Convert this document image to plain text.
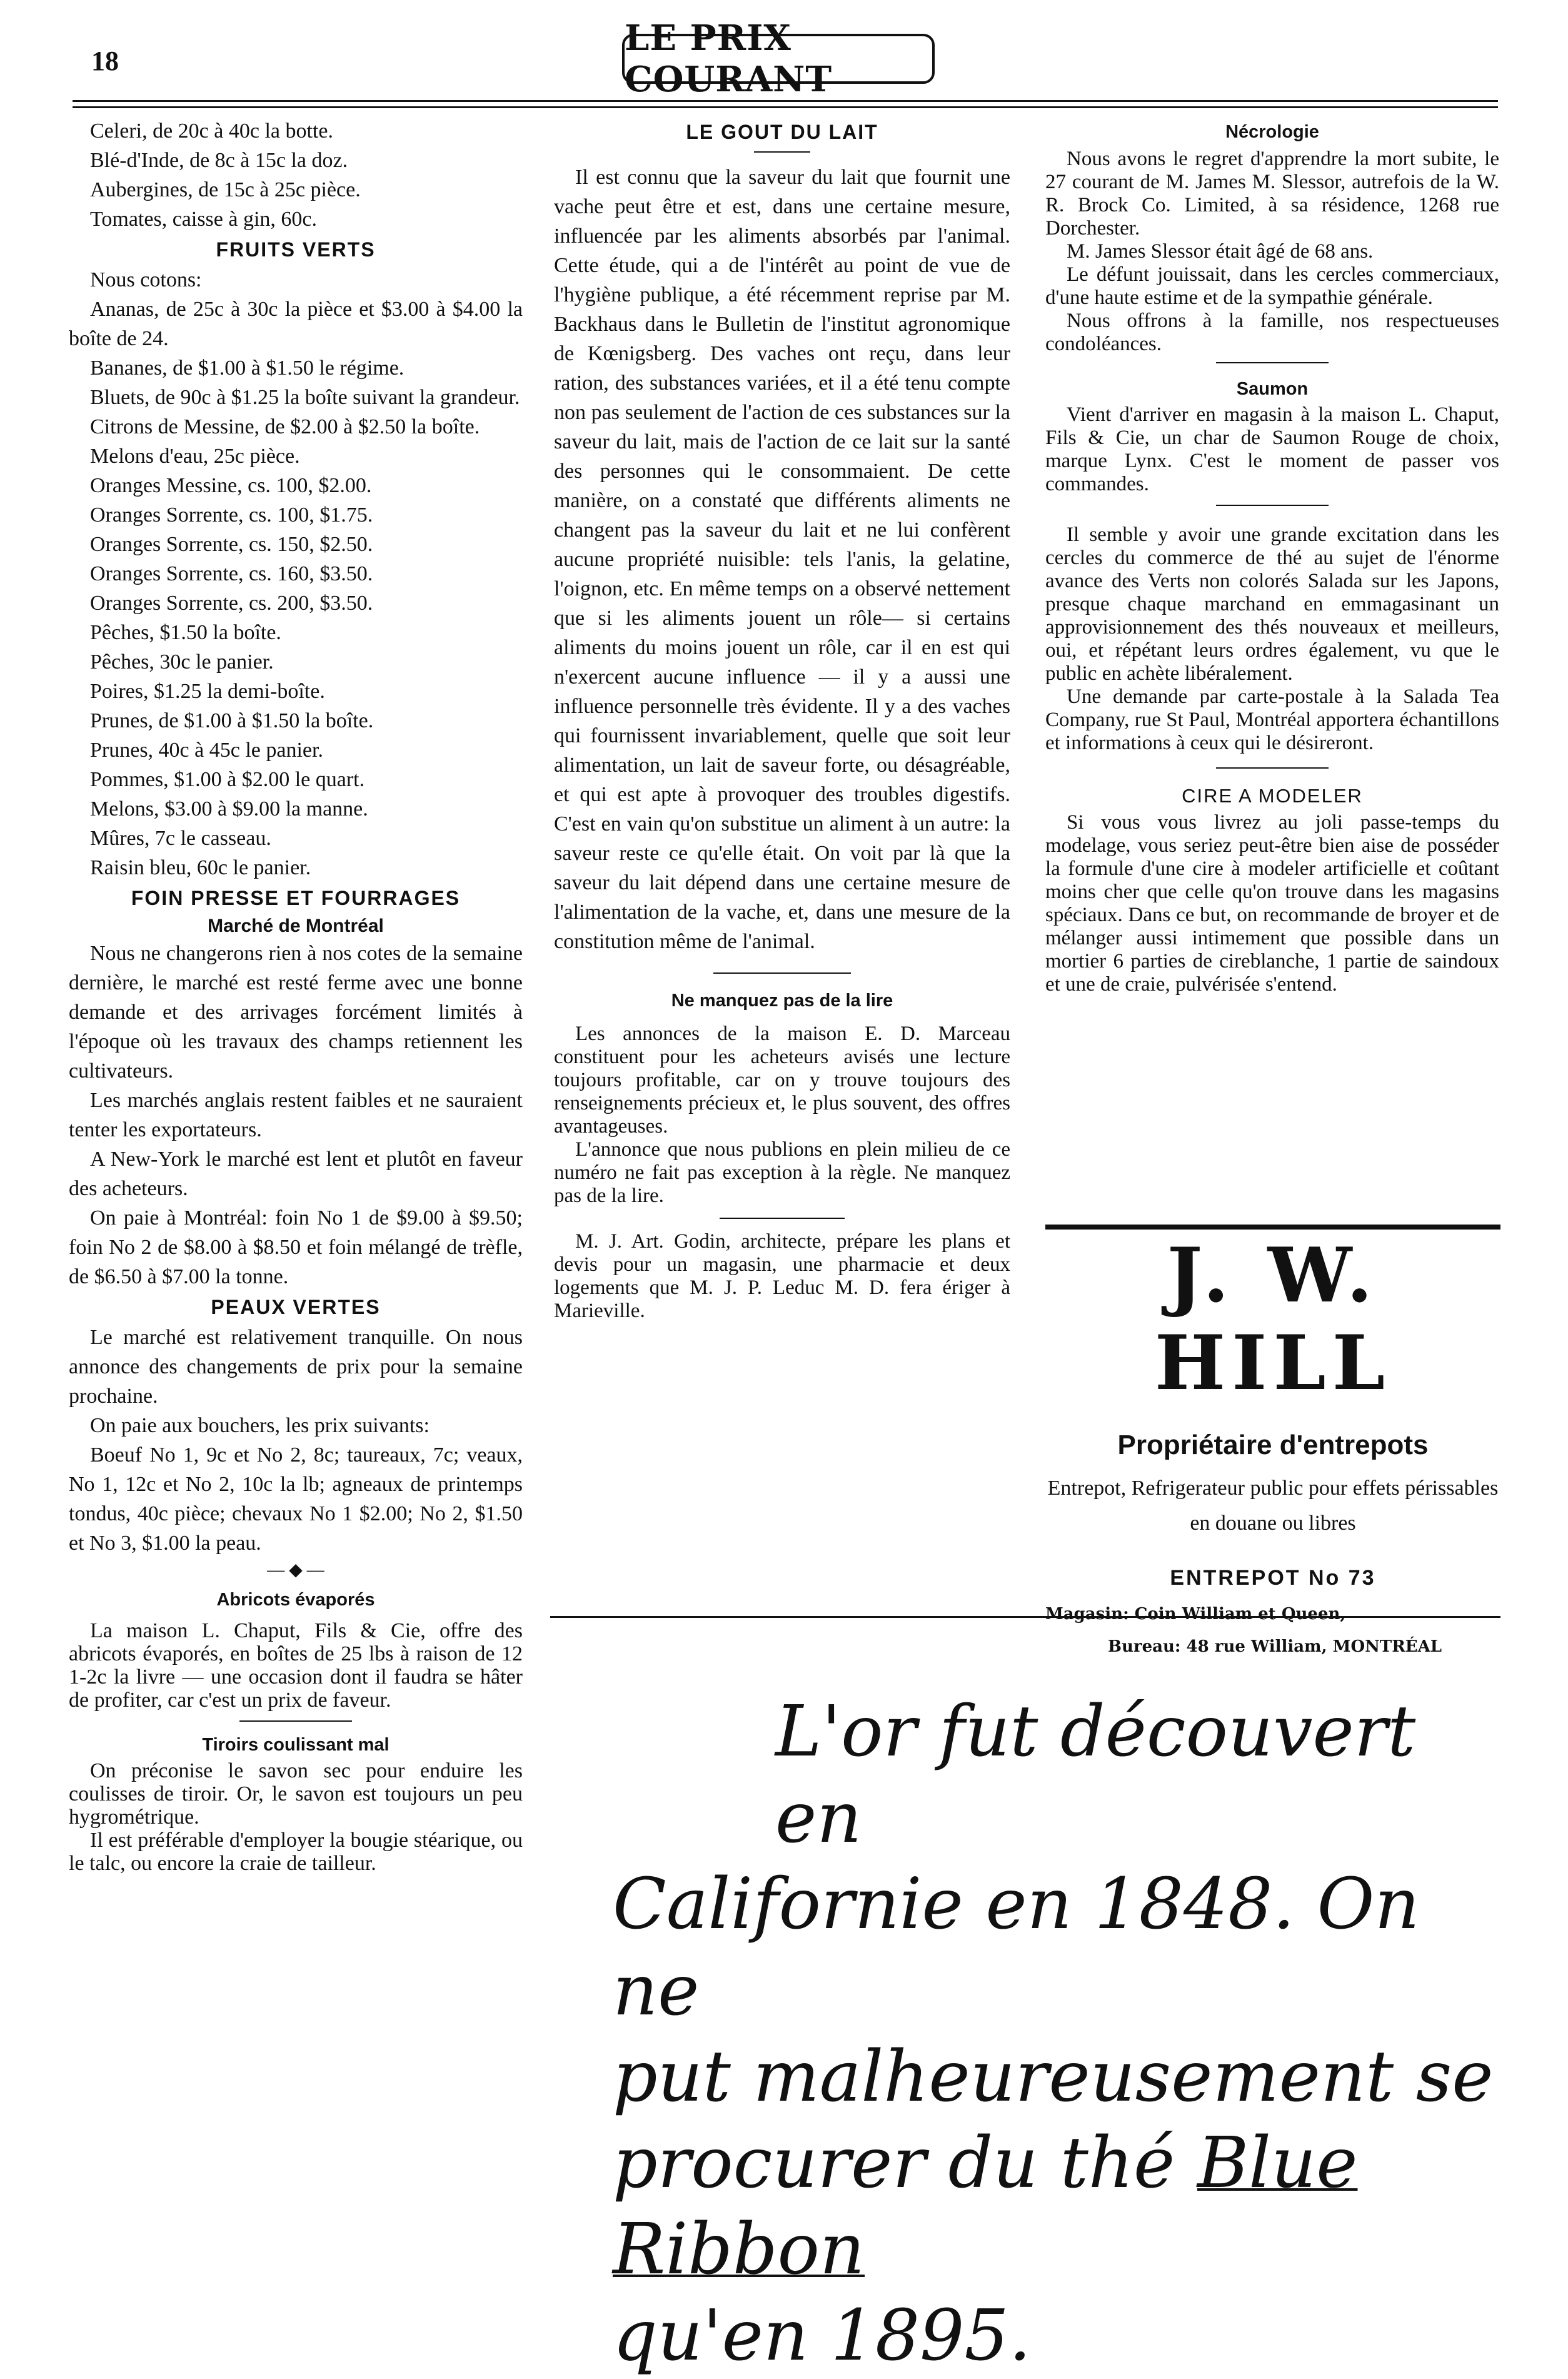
18
LE PRIX COURANT

Celeri, de 20c à 40c la botte.

Blé-d'Inde, de 8c à 15c la doz.

Aubergines, de 15c à 25c pièce.

Tomates, caisse à gin, 60c.

FRUITS VERTS

Nous cotons:

Ananas, de 25c à 30c la pièce et $3.00 à $4.00 la boîte de 24.

Bananes, de $1.00 à $1.50 le régime.

Bluets, de 90c à $1.25 la boîte suivant la grandeur.

Citrons de Messine, de $2.00 à $2.50 la boîte.

Melons d'eau, 25c pièce.

Oranges Messine, cs. 100, $2.00.

Oranges Sorrente, cs. 100, $1.75.

Oranges Sorrente, cs. 150, $2.50.

Oranges Sorrente, cs. 160, $3.50.

Oranges Sorrente, cs. 200, $3.50.

Pêches, $1.50 la boîte.

Pêches, 30c le panier.

Poires, $1.25 la demi-boîte.

Prunes, de $1.00 à $1.50 la boîte.

Prunes, 40c à 45c le panier.

Pommes, $1.00 à $2.00 le quart.

Melons, $3.00 à $9.00 la manne.

Mûres, 7c le casseau.

Raisin bleu, 60c le panier.

FOIN PRESSE ET FOURRAGES
Marché de Montréal

Nous ne changerons rien à nos cotes de la semaine dernière, le marché est resté ferme avec une bonne demande et des arrivages forcément limités à l'époque où les travaux des champs retiennent les cultivateurs.

Les marchés anglais restent faibles et ne sauraient tenter les exportateurs.

A New-York le marché est lent et plutôt en faveur des acheteurs.

On paie à Montréal: foin No 1 de $9.00 à $9.50; foin No 2 de $8.00 à $8.50 et foin mélangé de trèfle, de $6.50 à $7.00 la tonne.

PEAUX VERTES

Le marché est relativement tranquille. On nous annonce des changements de prix pour la semaine prochaine.

On paie aux bouchers, les prix suivants:

Boeuf No 1, 9c et No 2, 8c; taureaux, 7c; veaux, No 1, 12c et No 2, 10c la lb; agneaux de printemps tondus, 40c pièce; chevaux No 1 $2.00; No 2, $1.50 et No 3, $1.00 la peau.

— ◆ —
Abricots évaporés

La maison L. Chaput, Fils & Cie, offre des abricots évaporés, en boîtes de 25 lbs à raison de 12 1-2c la livre — une occasion dont il faudra se hâter de profiter, car c'est un prix de faveur.

Tiroirs coulissant mal

On préconise le savon sec pour enduire les coulisses de tiroir. Or, le savon est toujours un peu hygrométrique.

Il est préférable d'employer la bougie stéarique, ou le talc, ou encore la craie de tailleur.

LE GOUT DU LAIT

Il est connu que la saveur du lait que fournit une vache peut être et est, dans une certaine mesure, influencée par les aliments absorbés par l'animal. Cette étude, qui a de l'intérêt au point de vue de l'hygiène publique, a été récemment reprise par M. Backhaus dans le Bulletin de l'institut agronomique de Kœnigsberg. Des vaches ont reçu, dans leur ration, des substances variées, et il a été tenu compte non pas seulement de l'action de ces substances sur la saveur du lait, mais de l'action de ce lait sur la santé des personnes qui le consommaient. De cette manière, on a constaté que différents aliments ne changent pas la saveur du lait et ne lui confèrent aucune propriété nuisible: tels l'anis, la gelatine, l'oignon, etc. En même temps on a observé nettement que si les aliments jouent un rôle— si certains aliments du moins jouent un rôle, car il en est qui n'exercent aucune influence — il y a aussi une influence personnelle très évidente. Il y a des vaches qui fournissent invariablement, quelle que soit leur alimentation, un lait de saveur forte, ou désagréable, et qui est apte à provoquer des troubles digestifs. C'est en vain qu'on substitue un aliment à un autre: la saveur reste ce qu'elle était. On voit par là que la saveur du lait dépend dans une certaine mesure de l'alimentation de la vache, et, dans une mesure de la constitution même de l'animal.

Ne manquez pas de la lire

Les annonces de la maison E. D. Marceau constituent pour les acheteurs avisés une lecture toujours profitable, car on y trouve toujours des renseignements précieux et, le plus souvent, des offres avantageuses.

L'annonce que nous publions en plein milieu de ce numéro ne fait pas exception à la règle. Ne manquez pas de la lire.

M. J. Art. Godin, architecte, prépare les plans et devis pour un magasin, une pharmacie et deux logements que M. J. P. Leduc M. D. fera ériger à Marieville.

Nécrologie

Nous avons le regret d'apprendre la mort subite, le 27 courant de M. James M. Slessor, autrefois de la W. R. Brock Co. Limited, à sa résidence, 1268 rue Dorchester.

M. James Slessor était âgé de 68 ans.

Le défunt jouissait, dans les cercles commerciaux, d'une haute estime et de la sympathie générale.

Nous offrons à la famille, nos respectueuses condoléances.

Saumon

Vient d'arriver en magasin à la maison L. Chaput, Fils & Cie, un char de Saumon Rouge de choix, marque Lynx. C'est le moment de passer vos commandes.

Il semble y avoir une grande excitation dans les cercles du commerce de thé au sujet de l'énorme avance des Verts non colorés Salada sur les Japons, presque chaque marchand en emmagasinant un approvisionnement des thés nouveaux et meilleurs, oui, et répétant leurs ordres également, vu que le public en achète libéralement.

Une demande par carte-postale à la Salada Tea Company, rue St Paul, Montréal apportera échantillons et informations à ceux qui le désireront.

CIRE A MODELER

Si vous vous livrez au joli passe-temps du modelage, vous seriez peut-être bien aise de posséder la formule d'une cire à modeler artificielle et coûtant moins cher que celle qu'on trouve dans les magasins spéciaux. Dans ce but, on recommande de broyer et de mélanger aussi intimement que possible dans un mortier 6 parties de cireblanche, 1 partie de saindoux et une de craie, pulvérisée s'entend.

J. W. HILL
Propriétaire d'entrepots
Entrepot, Refrigerateur public pour effets périssables en douane ou libres
ENTREPOT No 73
Magasin: Coin William et Queen,
Bureau: 48 rue William, MONTRÉAL
L'or fut découvert en
Californie en 1848. On ne
put malheureusement se
procurer du thé Blue Ribbon
qu'en 1895.
